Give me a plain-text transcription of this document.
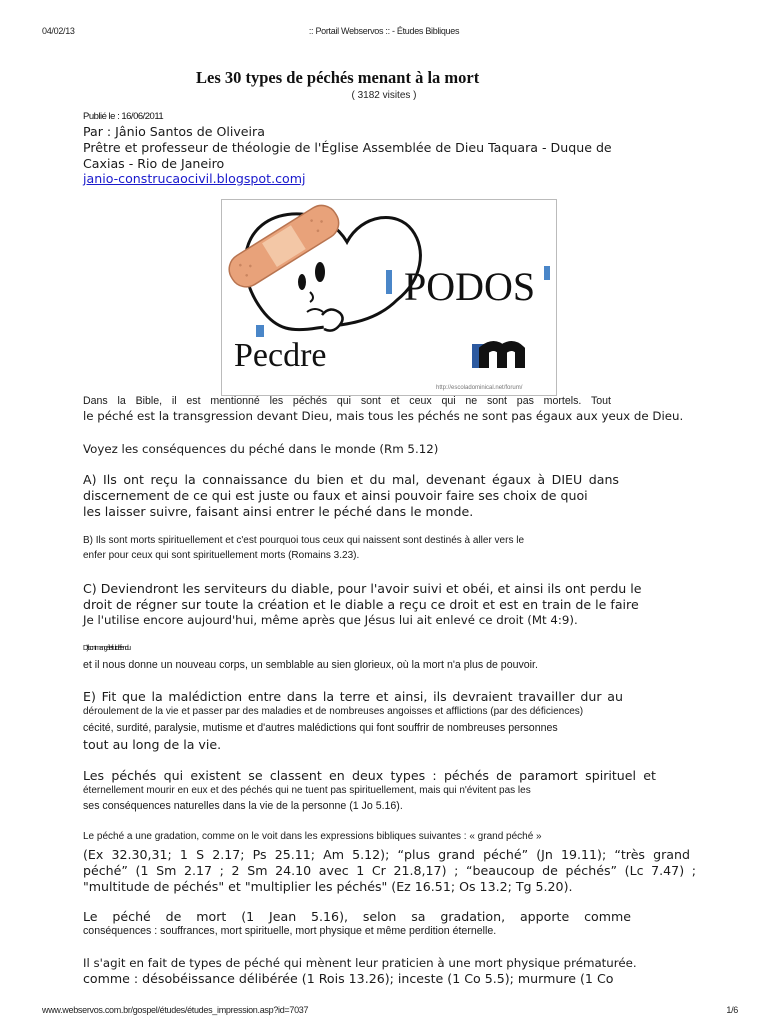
04/02/13	:: Portail Webservos :: - Études Bibliques
Les 30 types de péchés menant à la mort
( 3182 visites )
Publié le : 16/06/2011
Par : Jânio Santos de Oliveira
Prêtre et professeur de théologie de l'Église Assemblée de Dieu Taquara - Duque de
Caxias - Rio de Janeiro
janio-construcaocivil.blogspot.comj
PODOS
Pecdre
http://escoladominical.net/forum/
Dans la Bible, il est mentionné les péchés qui sont et ceux qui ne sont pas mortels. Tout
le péché est la transgression devant Dieu, mais tous les péchés ne sont pas égaux aux yeux de Dieu.
Voyez les conséquences du péché dans le monde (Rm 5.12)
A) Ils ont reçu la connaissance du bien et du mal, devenant égaux à DIEU dans
discernement de ce qui est juste ou faux et ainsi pouvoir faire ses choix de quoi
les laisser suivre, faisant ainsi entrer le péché dans le monde.
B) Ils sont morts spirituellement et c'est pourquoi tous ceux qui naissent sont destinés à aller vers le
enfer pour ceux qui sont spirituellement morts (Romains 3.23).
C) Deviendront les serviteurs du diable, pour l'avoir suivi et obéi, et ainsi ils ont perdu le
droit de régner sur toute la création et le diable a reçu ce droit et est en train de le faire
Je l'utilise encore aujourd'hui, même après que Jésus lui ait enlevé ce droit (Mt 4:9).
D) ils ont mangé le fruit défendu
et il nous donne un nouveau corps, un semblable au sien glorieux, où la mort n'a plus de pouvoir.
E) Fit que la malédiction entre dans la terre et ainsi, ils devraient travailler dur au
déroulement de la vie et passer par des maladies et de nombreuses angoisses et afflictions (par des déficiences)
cécité, surdité, paralysie, mutisme et d'autres malédictions qui font souffrir de nombreuses personnes
tout au long de la vie.
Les péchés qui existent se classent en deux types : péchés de paramort spirituel et
éternellement mourir en eux et des péchés qui ne tuent pas spirituellement, mais qui n'évitent pas les
ses conséquences naturelles dans la vie de la personne (1 Jo 5.16).
Le péché a une gradation, comme on le voit dans les expressions bibliques suivantes : « grand péché »
(Ex 32.30,31; 1 S 2.17; Ps 25.11; Am 5.12); “plus grand péché” (Jn 19.11); “très grand
péché” (1 Sm 2.17 ; 2 Sm 24.10 avec 1 Cr 21.8,17) ; “beaucoup de péchés” (Lc 7.47) ;
"multitude de péchés" et "multiplier les péchés" (Ez 16.51; Os 13.2; Tg 5.20).
Le péché de mort (1 Jean 5.16), selon sa gradation, apporte comme
conséquences : souffrances, mort spirituelle, mort physique et même perdition éternelle.
Il s'agit en fait de types de péché qui mènent leur praticien à une mort physique prématurée.
comme : désobéissance délibérée (1 Rois 13.26); inceste (1 Co 5.5); murmure (1 Co
www.webservos.com.br/gospel/études/études_impression.asp?id=7037	1/6
